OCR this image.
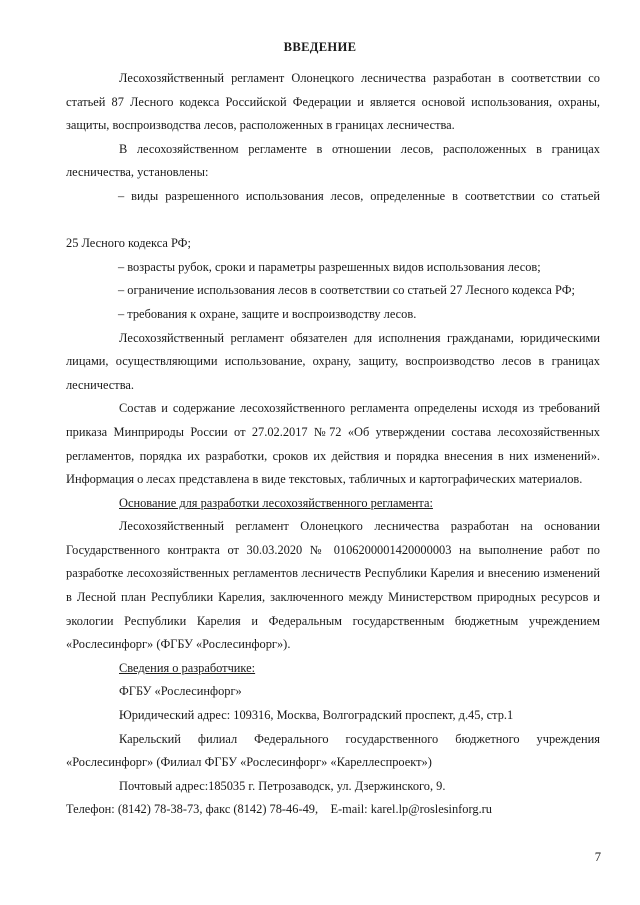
ВВЕДЕНИЕ

Лесохозяйственный регламент Олонецкого лесничества разработан в соответствии со статьей 87 Лесного кодекса Российской Федерации и является основой использования, охраны, защиты, воспроизводства лесов, расположенных в границах лесничества.

В лесохозяйственном регламенте в отношении лесов, расположенных в границах лесничества, установлены:

– виды разрешенного использования лесов, определенные в соответствии со статьей

25 Лесного кодекса РФ;

– возрасты рубок, сроки и параметры разрешенных видов использования лесов;

– ограничение использования лесов в соответствии со статьей 27 Лесного кодекса РФ;

– требования к охране, защите и воспроизводству лесов.

Лесохозяйственный регламент обязателен для исполнения гражданами, юридическими лицами, осуществляющими использование, охрану, защиту, воспроизводство лесов в границах лесничества.

Состав и содержание лесохозяйственного регламента определены исходя из требований приказа Минприроды России от 27.02.2017 №72 «Об утверждении состава лесохозяйственных регламентов, порядка их разработки, сроков их действия и порядка внесения в них изменений». Информация о лесах представлена в виде текстовых, табличных и картографических материалов.

Основание для разработки лесохозяйственного регламента:

Лесохозяйственный регламент Олонецкого лесничества разработан на основании Государственного контракта от 30.03.2020 № 0106200001420000003 на выполнение работ по разработке лесохозяйственных регламентов лесничеств Республики Карелия и внесению изменений в Лесной план Республики Карелия, заключенного между Министерством природных ресурсов и экологии Республики Карелия и Федеральным государственным бюджетным учреждением «Рослесинфорг» (ФГБУ «Рослесинфорг»).

Сведения о разработчике:

ФГБУ «Рослесинфорг»

Юридический адрес: 109316, Москва, Волгоградский проспект, д.45, стр.1

Карельский филиал Федерального государственного бюджетного учреждения «Рослесинфорг» (Филиал ФГБУ «Рослесинфорг» «Кареллеспроект»)

Почтовый адрес:185035 г. Петрозаводск, ул. Дзержинского, 9.

Телефон: (8142) 78-38-73, факс (8142) 78-46-49,    E-mail: karel.lp@roslesinforg.ru

7
